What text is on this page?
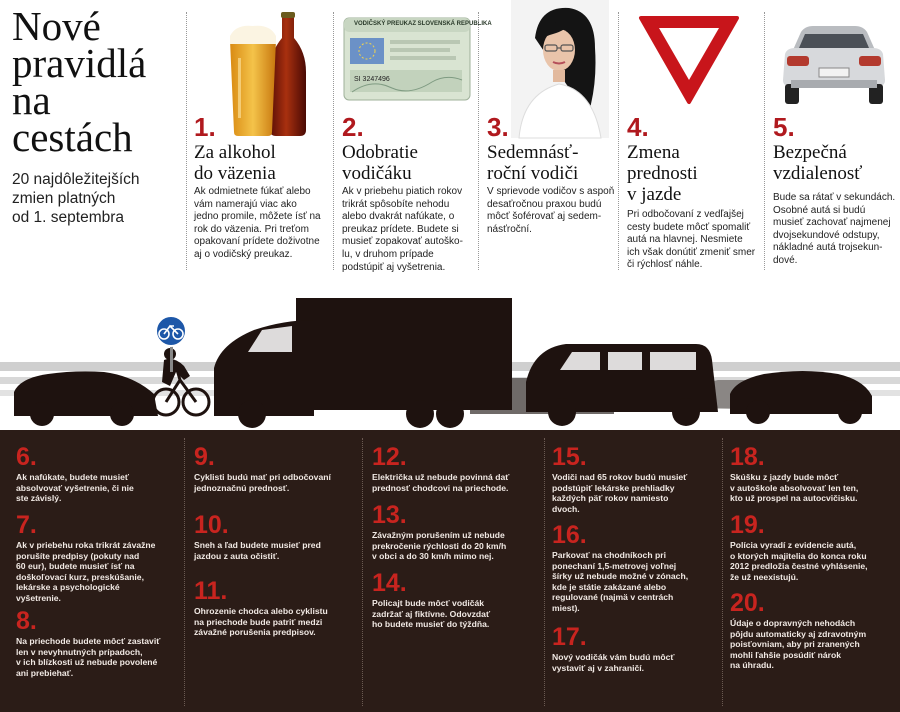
Nové
pravidlá
na
cestách
20 najdôležitejších
zmien platných
od 1. septembra
1.
Za alkohol
do väzenia
Ak odmietnete fúkať alebo
vám namerajú viac ako
jedno promile, môžete ísť na
rok do väzenia. Pri treťom
opakovaní prídete doživotne
aj o vodičský preukaz.
VODIČSKÝ PREUKAZ SLOVENSKÁ REPUBLIKA
SI 3247496
2.
Odobratie
vodičáku
Ak v priebehu piatich rokov
trikrát spôsobíte nehodu
alebo dvakrát nafúkate, o
preukaz prídete. Budete si
musieť zopakovať autoško-
lu, v druhom prípade
podstúpiť aj vyšetrenia.
3.
Sedemnásť-
roční vodiči
V sprievode vodičov s aspoň
desaťročnou praxou budú
môcť šoférovať aj sedem-
násťroční.
4.
Zmena
prednosti
v jazde
Pri odbočovaní z vedľajšej
cesty budete môcť spomaliť
autá na hlavnej. Nesmiete
ich však donútiť zmeniť smer
či rýchlosť náhle.
5.
Bezpečná
vzdialenosť
Bude sa rátať v sekundách.
Osobné autá si budú
musieť zachovať najmenej
dvojsekundové odstupy,
nákladné autá trojsekun-
dové.
6.
Ak nafúkate, budete musieť
absolvovať vyšetrenie, či nie
ste závislý.
7.
Ak v priebehu roka trikrát závažne
porušíte predpisy (pokuty nad
60 eur), budete musieť ísť na
doškoľovací kurz, preskúšanie,
lekárske a psychologické
vyšetrenie.
8.
Na priechode budete môcť zastaviť
len v nevyhnutných prípadoch,
v ich blízkosti už nebude povolené
ani prebiehať.
9.
Cyklisti budú mať pri odbočovaní
jednoznačnú prednosť.
10.
Sneh a ľad budete musieť pred
jazdou z auta očistiť.
11.
Ohrozenie chodca alebo cyklistu
na priechode bude patriť medzi
závažné porušenia predpisov.
12.
Električka už nebude povinná dať
prednosť chodcovi na priechode.
13.
Závažným porušením už nebude
prekročenie rýchlosti do 20 km/h
v obci a do 30 km/h mimo nej.
14.
Policajt bude môcť vodičák
zadržať aj fiktívne. Odovzdať
ho budete musieť do týždňa.
15.
Vodiči nad 65 rokov budú musieť
podstúpiť lekárske prehliadky
každých päť rokov namiesto
dvoch.
16.
Parkovať na chodníkoch pri
ponechaní 1,5-metrovej voľnej
šírky už nebude možné v zónach,
kde je státie zakázané alebo
regulované (najmä v centrách
miest).
17.
Nový vodičák vám budú môcť
vystaviť aj v zahraničí.
18.
Skúšku z jazdy bude môcť
v autoškole absolvovať len ten,
kto už prospel na autocvičisku.
19.
Polícia vyradí z evidencie autá,
o ktorých majitelia do konca roku
2012 predložia čestné vyhlásenie,
že už neexistujú.
20.
Údaje o dopravných nehodách
pôjdu automaticky aj zdravotným
poisťovniam, aby pri zranených
mohli ľahšie posúdiť nárok
na úhradu.
